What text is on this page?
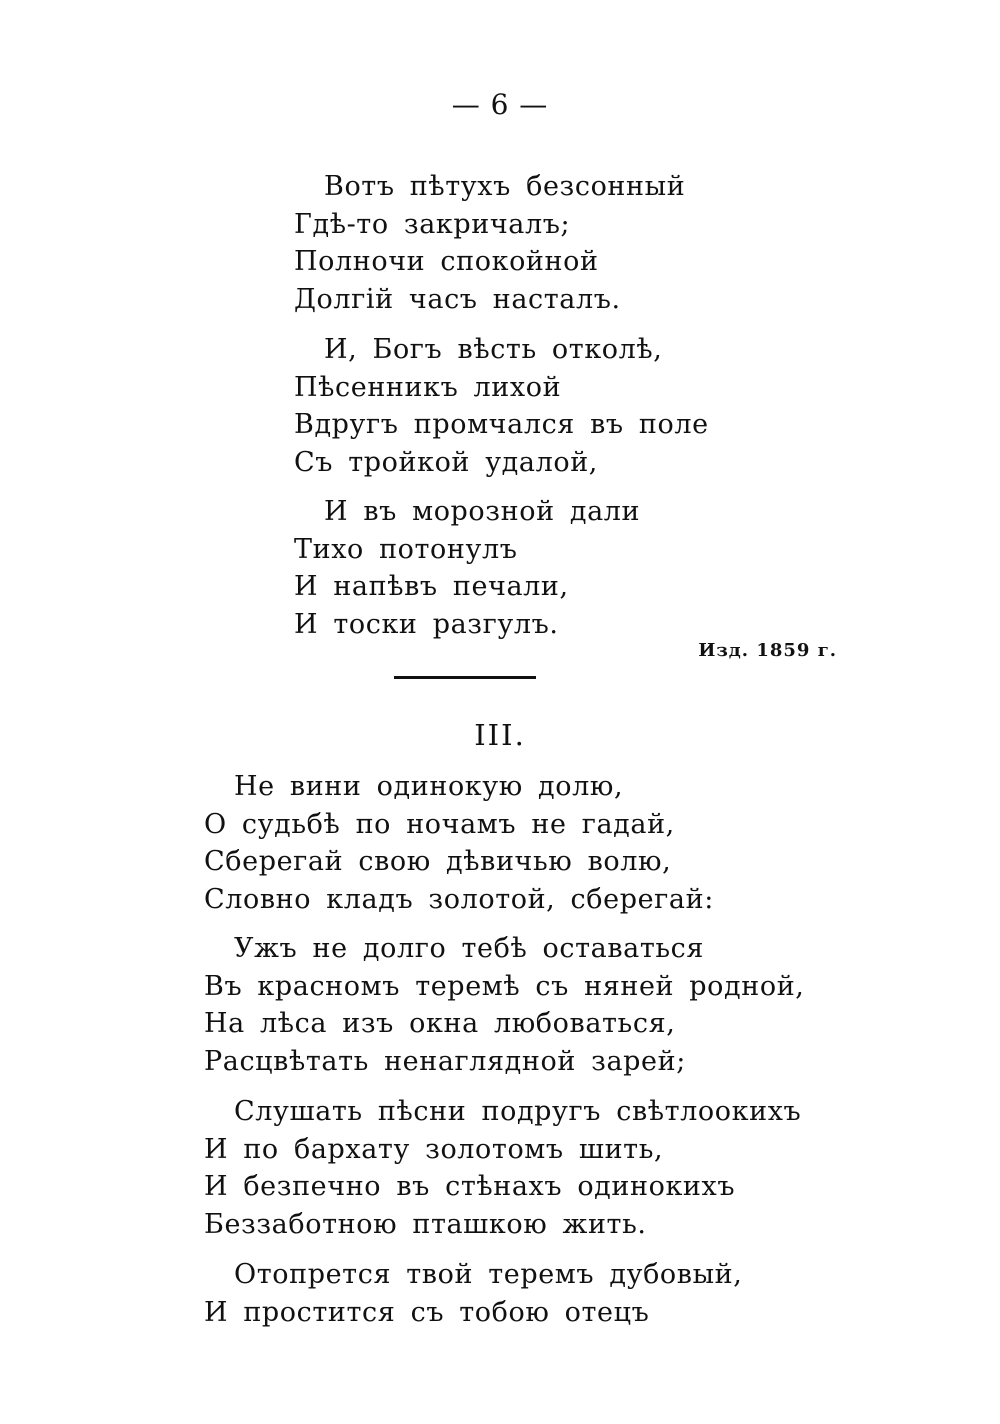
— 6 —
Вотъ пѣтухъ безсонный
Гдѣ-то закричалъ;
Полночи спокойной
Долгій часъ насталъ.
И, Богъ вѣсть отколѣ,
Пѣсенникъ лихой
Вдругъ промчался въ поле
Съ тройкой удалой,
И въ морозной дали
Тихо потонулъ
И напѣвъ печали,
И тоски разгулъ.
Изд. 1859 г.
III.
Не вини одинокую долю,
О судьбѣ по ночамъ не гадай,
Сберегай свою дѣвичью волю,
Словно кладъ золотой, сберегай:
Ужъ не долго тебѣ оставаться
Въ красномъ теремѣ съ няней родной,
На лѣса изъ окна любоваться,
Расцвѣтать ненаглядной зарей;
Слушать пѣсни подругъ свѣтлоокихъ
И по бархату золотомъ шить,
И безпечно въ стѣнахъ одинокихъ
Беззаботною пташкою жить.
Отопрется твой теремъ дубовый,
И простится съ тобою отецъ
